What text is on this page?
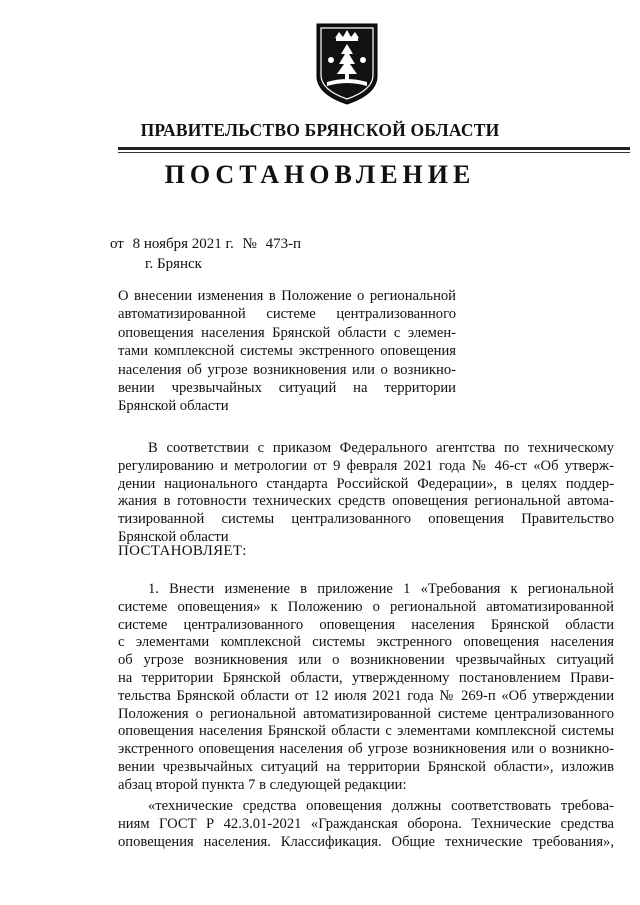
ПРАВИТЕЛЬСТВО БРЯНСКОЙ ОБЛАСТИ
ПОСТАНОВЛЕНИЕ
от 8 ноября 2021 г. № 473-п
г. Брянск
О внесении изменения в Положение о региональной
автоматизированной системе централизованного
оповещения населения Брянской области с элемен-
тами комплексной системы экстренного оповещения
населения об угрозе возникновения или о возникно-
вении чрезвычайных ситуаций на территории
Брянской области
В соответствии с приказом Федерального агентства по техническому
регулированию и метрологии от 9 февраля 2021 года № 46-ст «Об утверж-
дении национального стандарта Российской Федерации», в целях поддер-
жания в готовности технических средств оповещения региональной автома-
тизированной системы централизованного оповещения Правительство
Брянской области
ПОСТАНОВЛЯЕТ:
1. Внести изменение в приложение 1 «Требования к региональной
системе оповещения» к Положению о региональной автоматизированной
системе централизованного оповещения населения Брянской области
с элементами комплексной системы экстренного оповещения населения
об угрозе возникновения или о возникновении чрезвычайных ситуаций
на территории Брянской области, утвержденному постановлением Прави-
тельства Брянской области от 12 июля 2021 года № 269-п «Об утверждении
Положения о региональной автоматизированной системе централизованного
оповещения населения Брянской области с элементами комплексной системы
экстренного оповещения населения об угрозе возникновения или о возникно-
вении чрезвычайных ситуаций на территории Брянской области», изложив
абзац второй пункта 7 в следующей редакции:
«технические средства оповещения должны соответствовать требова-
ниям ГОСТ Р 42.3.01-2021 «Гражданская оборона. Технические средства
оповещения населения. Классификация. Общие технические требования»,
